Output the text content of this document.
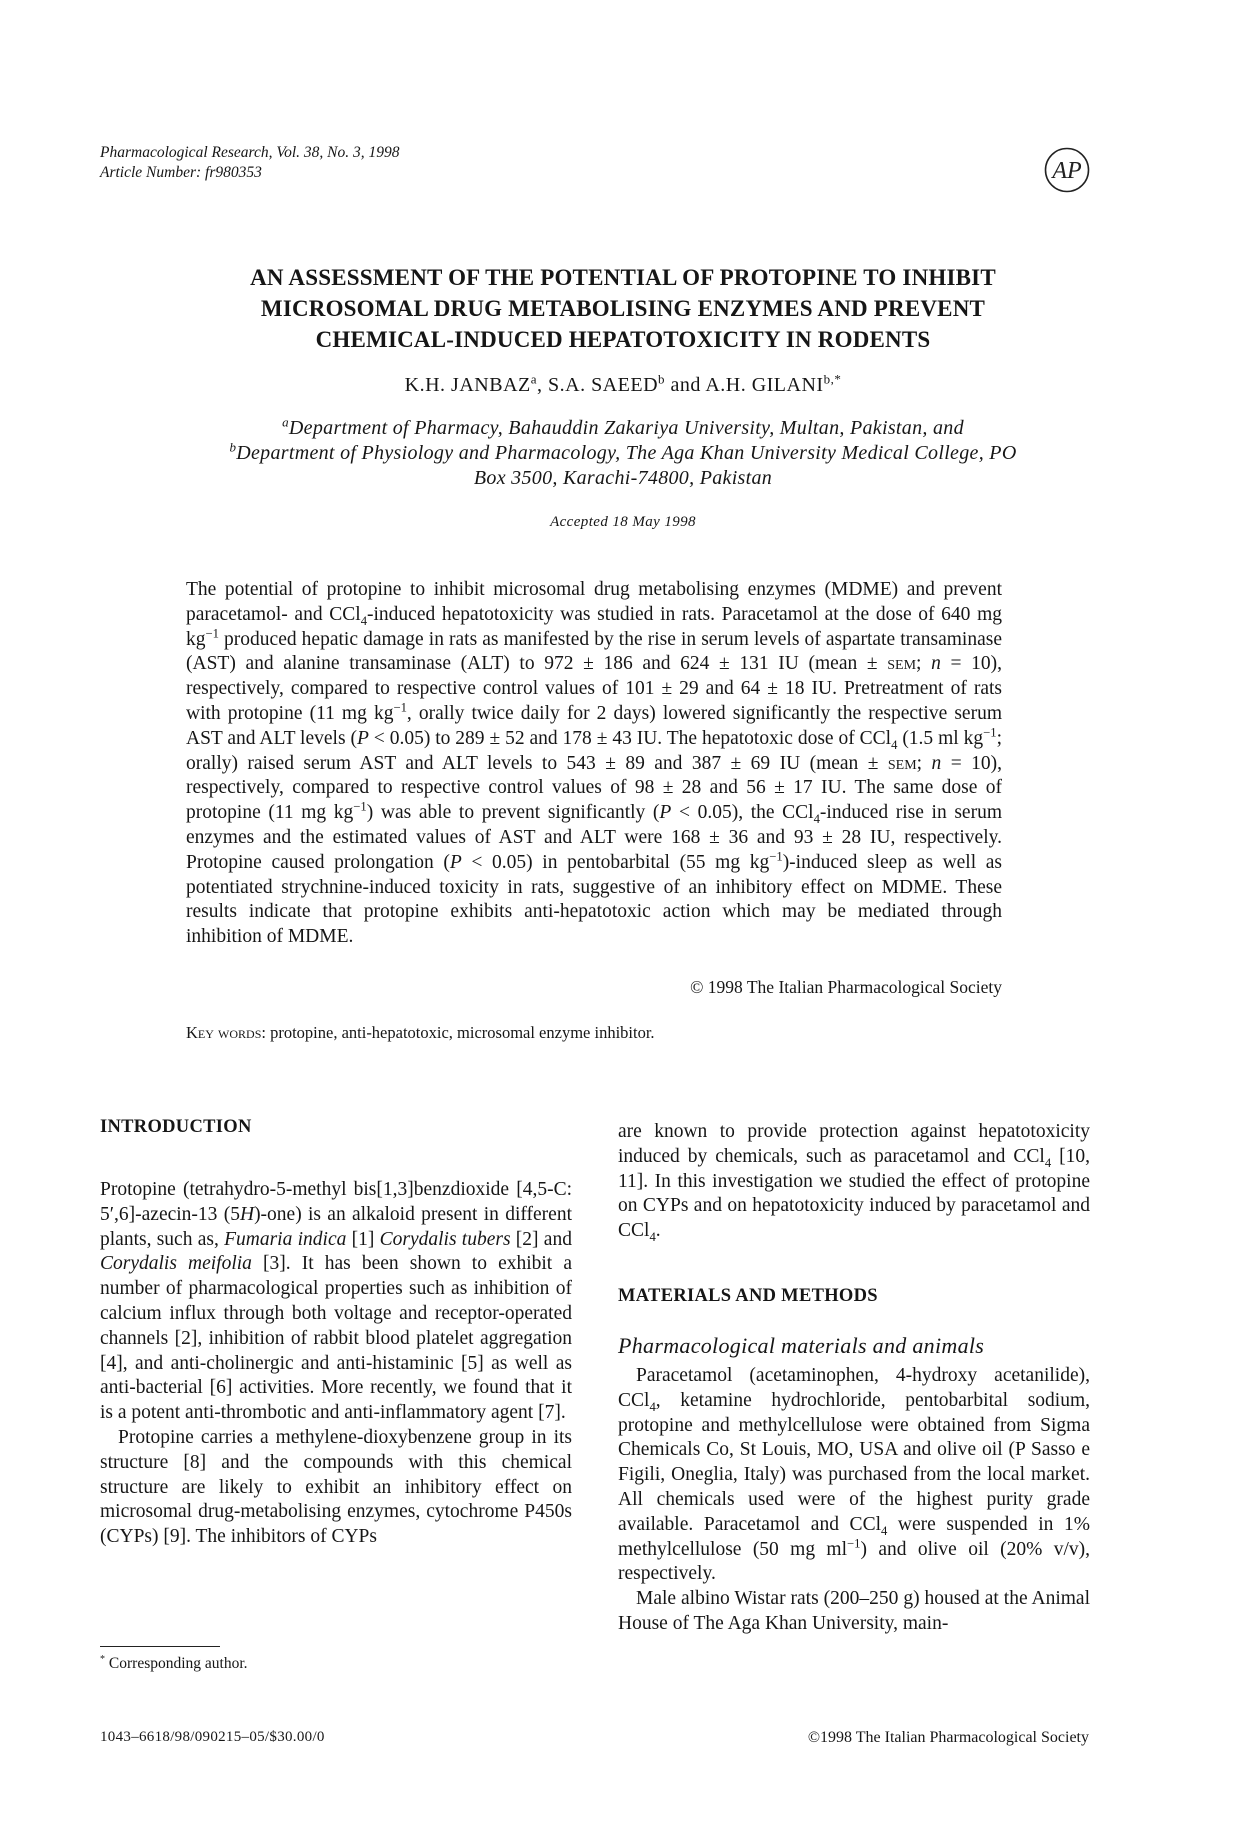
Pharmacological Research, Vol. 38, No. 3, 1998
Article Number: fr980353	AP
AN ASSESSMENT OF THE POTENTIAL OF PROTOPINE TO INHIBIT
MICROSOMAL DRUG METABOLISING ENZYMES AND PREVENT
CHEMICAL-INDUCED HEPATOTOXICITY IN RODENTS
K.H. JANBAZ$^a$, S.A. SAEED$^b$ and A.H. $GILANI^{b,*}$
$^a$Department of Pharmacy, Bahauddin Zakariya University, Multan, Pakistan, and
$^b$Department of Physiology and Pharmacology, The Aga Khan University Medical College, PO
Box 3500, Karachi-74800, Pakistan
Accepted 18 May 1998
The potential of protopine to inhibit microsomal drug metabolising enzymes (MDME) and prevent paracetamol- and CCl$_4$-induced hepatotoxicity was studied in rats. Paracetamol at the dose of 640 mg $kg^{-1}$ produced hepatic damage in rats as manifested by the rise in serum levels of aspartate transaminase (AST) and alanine transaminase (ALT) to 972 ± 186 and 624 ± 131 IU (mean ± sem; n = 10), respectively, compared to respective control values of 101 ± 29 and 64 ± 18 IU. Pretreatment of rats with protopine (11 mg $kg^{-1}$, orally twice daily for 2 days) lowered significantly the respective serum AST and ALT levels (P < 0.05) to 289 ± 52 and 178 ± 43 IU. The hepatotoxic dose of CCl$_4$ (1.5 ml $kg^{-1}$; orally) raised serum AST and ALT levels to 543 ± 89 and 387 ± 69 IU (mean ± sem; n = 10), respectively, compared to respective control values of 98 ± 28 and 56 ± 17 IU. The same dose of protopine (11 mg $kg^{-1}$) was able to prevent significantly (P < 0.05), the CCl$_4$-induced rise in serum enzymes and the estimated values of AST and ALT were 168 ± 36 and 93 ± 28 IU, respectively. Protopine caused prolongation (P < 0.05) in pentobarbital (55 mg $kg^{-1}$)-induced sleep as well as potentiated strychnine-induced toxicity in rats, suggestive of an inhibitory effect on MDME. These results indicate that protopine exhibits anti-hepatotoxic action which may be mediated through inhibition of MDME.
© 1998 The Italian Pharmacological Society
Key words: protopine, anti-hepatotoxic, microsomal enzyme inhibitor.
INTRODUCTION

Protopine (tetrahydro-5-methyl bis[1,3]benzdioxide [4,5-C: 5′,6]-azecin-13 (5H)-one) is an alkaloid present in different plants, such as, Fumaria indica [1] Corydalis tubers [2] and Corydalis meifolia [3]. It has been shown to exhibit a number of pharmacological properties such as inhibition of calcium influx through both voltage and receptor-operated channels [2], inhibition of rabbit blood platelet aggregation [4], and anti-cholinergic and anti-histaminic [5] as well as anti-bacterial [6] activities. More recently, we found that it is a potent anti-thrombotic and anti-inflammatory agent [7].

Protopine carries a methylene-dioxybenzene group in its structure [8] and the compounds with this chemical structure are likely to exhibit an inhibitory effect on microsomal drug-metabolising enzymes, cytochrome P450s (CYPs) [9]. The inhibitors of CYPs

are known to provide protection against hepatotoxicity induced by chemicals, such as paracetamol and CCl$_4$ [10, 11]. In this investigation we studied the effect of protopine on CYPs and on hepatotoxicity induced by paracetamol and CCl$_4$.

MATERIALS AND METHODS
Pharmacological materials and animals

Paracetamol (acetaminophen, 4-hydroxy acetanilide), CCl$_4$, ketamine hydrochloride, pentobarbital sodium, protopine and methylcellulose were obtained from Sigma Chemicals Co, St Louis, MO, USA and olive oil (P Sasso e Figili, Oneglia, Italy) was purchased from the local market. All chemicals used were of the highest purity grade available. Paracetamol and CCl$_4$ were suspended in 1% methylcellulose (50 mg $ml^{-1}$) and olive oil (20% v/v), respectively.

Male albino Wistar rats (200–250 g) housed at the Animal House of The Aga Khan University, main-

* Corresponding author.
1043–6618/98/090215–05/$30.00/0	©1998 The Italian Pharmacological Society
